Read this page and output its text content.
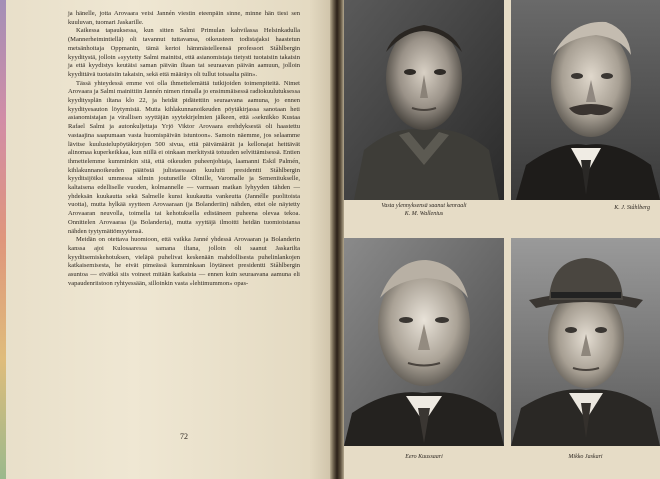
ja hänelle, jotta Arovaara veisi Jannén viestin eteenpäin sinne, minne hän tiesi sen kuuluvan, tuomari Jaskarille.

Kaikessa tapauksessa, kun sitten Salmi Primulan kahvilassa Helsinkadulla (Mannerheimintiellä) oli tavannut tuttavansa, oikeusteen todistajaksi haastetun metsänhoitaja Oppmanin, tämä kertoi hämmästelleensä professori Ståhlbergin kyyditystä, jolloin »syytetty Salmi mainitsi, että asianomistaja tietysti tuotaisiin takaisin ja että kyydistys keutäisi saman päivän iltaan tai seuraavan päivän aamuun, jolloin kyydittävä tuotaisiin takaisin, sekä että määräys oli tullut toisaalta päin».

Tässä yhteydessä emme voi olla ihmettelemättä tutkijoiden toimenpiteitä. Nimet Arovaara ja Salmi mainittiin Jannén nimen rinnalla jo ensimmäisessä radiokuulutuksessa kyyditysplän iltana klo 22, ja heidät pidätettiin seuraavana aamuna, jo ennen kyydityesauton löytymistä. Mutta kihlakunnanoikeuden pöytäkirjassa sanotaan heti asianomistajan ja virallisen syyttäjän syytekirjelmien jälkeen, että »seknikko Kustaa Rafael Salmi ja autonkuljettaja Yrjö Viktor Arovaara erehdyksestä oli haastettu vastaajina saapumaan vasta huomispäivän istuntoon». Samoin näemme, jos selaamme lävitse kuulustelupöytäkirjojen 500 sivua, että päivämäärät ja kellonajat heittävät alinomaa kuperkeikkaa, kun niillä ei oinkaan merkitystä totuuden selvittämisessä. Entien ihmettelemme kumminkin sitä, että oikeuden puheenjohtaja, laamanni Eskil Palmén, kihlakunnanoikeuden päätöstä julistaessaan kuulutti presidentti Ståhlbergin kyyditsijöiksi ummessa silmin joutuneille Olinille, Varomalle ja Semeniiukselle, kaltaisena edelliselle vuoden, kolmannelle — varmaan matkan lyhyyden tähden — yhdeksän kuukautta sekä Salmelle kunsi kuukautta vankeutta (Jannélle puolitoista vuotta), mutta hylkää syytteen Arovaaraan (ja Bolanderiin) nähden, ettei ole näytetty Arovaaran neuvolla, toimella tai kehotuksella edistäneen puheena olevaa tekoa. Onnittelen Arovaaraa (ja Bolanderia), mutta syyttäjä ilmoitti heidän tuomioistansa nähden tyytymättömyytensä.

Meidän on otettava huomioon, että vaikka Janné yhdessä Arovaaran ja Bolanderin kanssa ajoi Kulosaaressa samana iltana, jolloin oli saanut Jaskarilta kyyditsemiskehotuksen, vieläpä puhelivat keskenään mahdollisesta puhelinlankojen katkaisemisesta, he eivät pimeässä kumminkaan löytäneet presidentti Ståhlbergin asuntoa — eivätkä siis voineet mitään katkaista — ennen kuin seuraavana aamuna eli vapaudenriistoon ryhtyessään, silloinkin vasta »lehtimummon» opas-

72
Vasta ylennyksensä saanut kenraali
K. M. Wallenius
K. J. Ståhlberg
Eero Kuussaari	Mikko Jaskari
